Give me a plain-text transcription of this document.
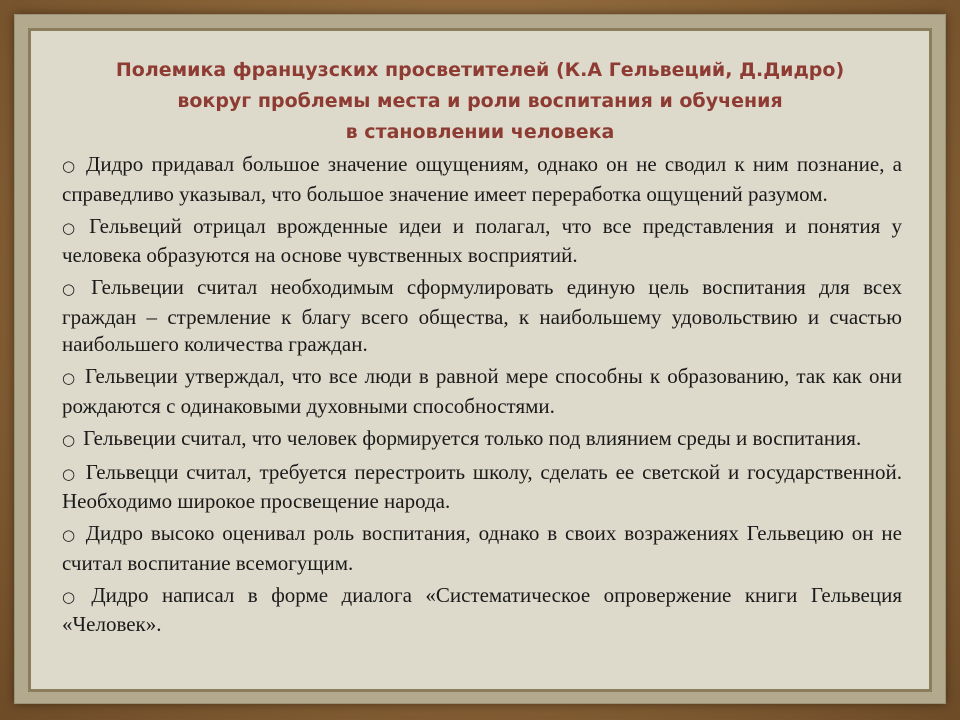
Полемика французских просветителей (К.А Гельвеций, Д.Дидро)
вокруг проблемы места и роли воспитания и обучения
в становлении человека
○ Дидро придавал большое значение ощущениям, однако он не сводил к ним познание, а справедливо указывал, что большое значение имеет переработка ощущений разумом.
○ Гельвеций отрицал врожденные идеи и полагал, что все представления и понятия у человека образуются на основе чувственных восприятий.
○ Гельвеции считал необходимым сформулировать единую цель воспитания для всех граждан – стремление к благу всего общества, к наибольшему удовольствию и счастью наибольшего количества граждан.
○ Гельвеции утверждал, что все люди в равной мере способны к образованию, так как они рождаются с одинаковыми духовными способностями.
○ Гельвеции считал, что человек формируется только под влиянием среды и воспитания.
○ Гельвецци считал, требуется перестроить школу, сделать ее светской и государственной. Необходимо широкое просвещение народа.
○ Дидро высоко оценивал роль воспитания, однако в своих возражениях Гельвецию он не считал воспитание всемогущим.
○ Дидро написал в форме диалога «Систематическое опровержение книги Гельвеция «Человек».
